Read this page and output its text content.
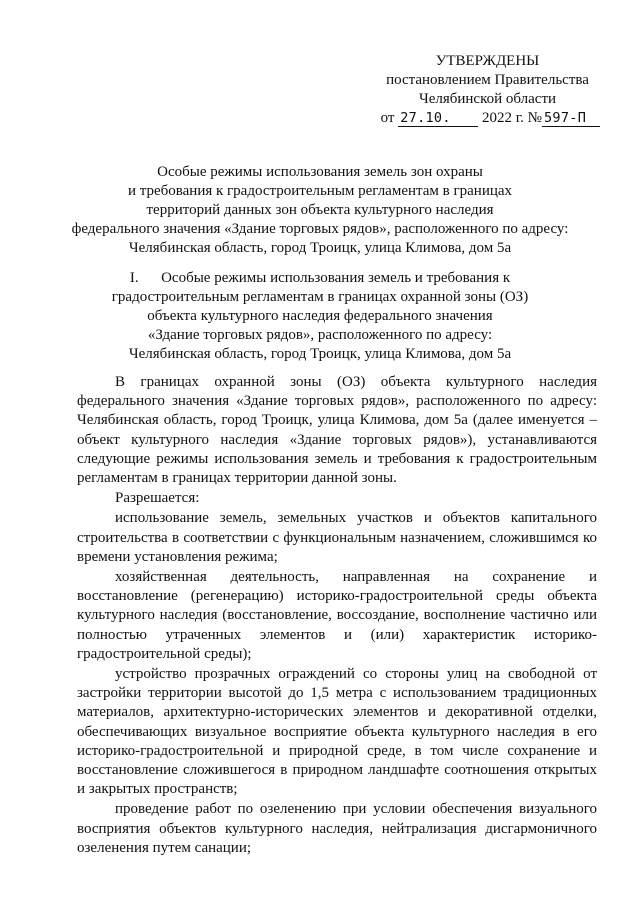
УТВЕРЖДЕНЫ
постановлением Правительства
Челябинской области
от 27.10. 2022 г. № 597-П
Особые режимы использования земель зон охраны
и требования к градостроительным регламентам в границах
территорий данных зон объекта культурного наследия
федерального значения «Здание торговых рядов», расположенного по адресу:
Челябинская область, город Троицк, улица Климова, дом 5а
I.      Особые режимы использования земель и требования к
градостроительным регламентам в границах охранной зоны (ОЗ)
объекта культурного наследия федерального значения
«Здание торговых рядов», расположенного по адресу:
Челябинская область, город Троицк, улица Климова, дом 5а

В границах охранной зоны (ОЗ) объекта культурного наследия федерального значения «Здание торговых рядов», расположенного по адресу: Челябинская область, город Троицк, улица Климова, дом 5а (далее именуется – объект культурного наследия «Здание торговых рядов»), устанавливаются следующие режимы использования земель и требования к градостроительным регламентам в границах территории данной зоны.

Разрешается:

использование земель, земельных участков и объектов капитального строительства в соответствии с функциональным назначением, сложившимся ко времени установления режима;

хозяйственная деятельность, направленная на сохранение и восстановление (регенерацию) историко-градостроительной среды объекта культурного наследия (восстановление, воссоздание, восполнение частично или полностью утраченных элементов и (или) характеристик историко-градостроительной среды);

устройство прозрачных ограждений со стороны улиц на свободной от застройки территории высотой до 1,5 метра с использованием традиционных материалов, архитектурно-исторических элементов и декоративной отделки, обеспечивающих визуальное восприятие объекта культурного наследия в его историко-градостроительной и природной среде, в том числе сохранение и восстановление сложившегося в природном ландшафте соотношения открытых и закрытых пространств;

проведение работ по озеленению при условии обеспечения визуального восприятия объектов культурного наследия, нейтрализация дисгармоничного озеленения путем санации;
